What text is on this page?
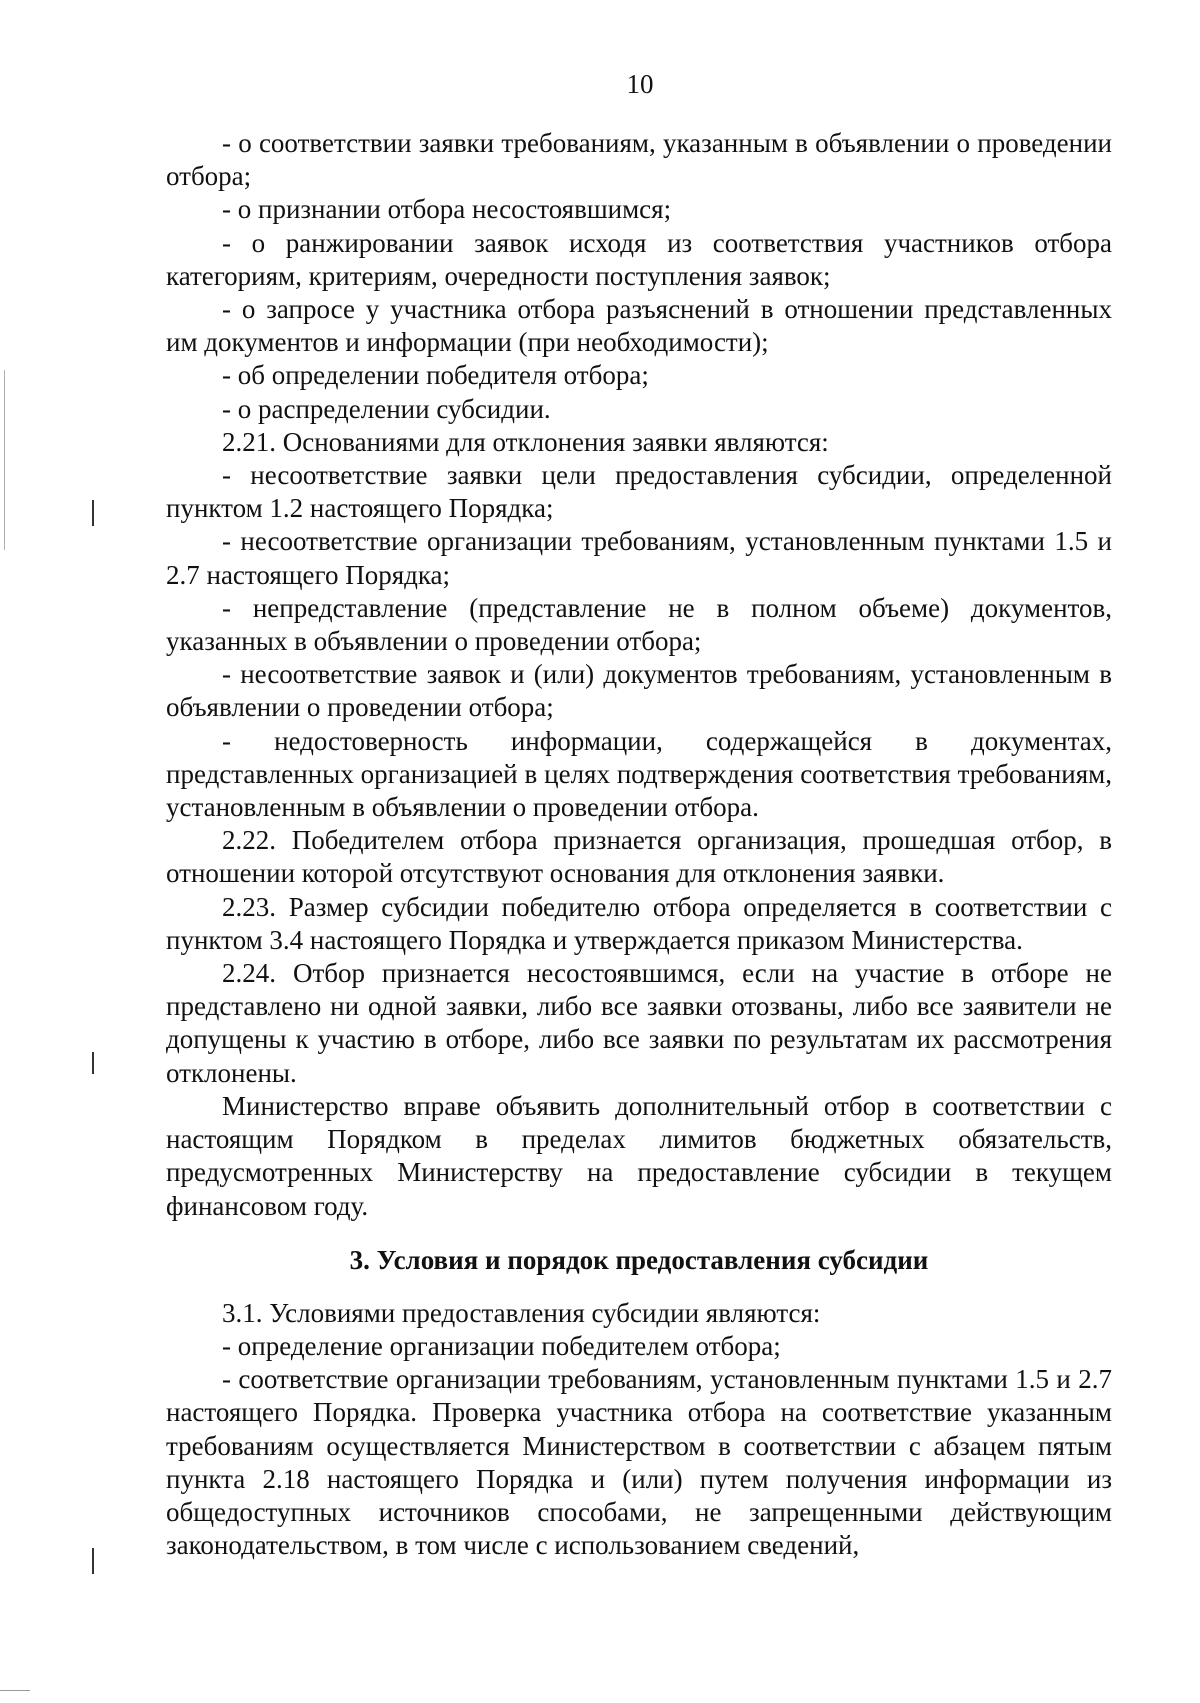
10

- о соответствии заявки требованиям, указанным в объявлении о проведении отбора;

- о признании отбора несостоявшимся;

- о ранжировании заявок исходя из соответствия участников отбора категориям, критериям, очередности поступления заявок;

- о запросе у участника отбора разъяснений в отношении представленных им документов и информации (при необходимости);

- об определении победителя отбора;

- о распределении субсидии.

2.21. Основаниями для отклонения заявки являются:

- несоответствие заявки цели предоставления субсидии, определенной пунктом 1.2 настоящего Порядка;

- несоответствие организации требованиям, установленным пунктами 1.5 и 2.7 настоящего Порядка;

- непредставление (представление не в полном объеме) документов, указанных в объявлении о проведении отбора;

- несоответствие заявок и (или) документов требованиям, установленным в объявлении о проведении отбора;

- недостоверность информации, содержащейся в документах, представленных организацией в целях подтверждения соответствия требованиям, установленным в объявлении о проведении отбора.

2.22. Победителем отбора признается организация, прошедшая отбор, в отношении которой отсутствуют основания для отклонения заявки.

2.23. Размер субсидии победителю отбора определяется в соответствии с пунктом 3.4 настоящего Порядка и утверждается приказом Министерства.

2.24. Отбор признается несостоявшимся, если на участие в отборе не представлено ни одной заявки, либо все заявки отозваны, либо все заявители не допущены к участию в отборе, либо все заявки по результатам их рассмотрения отклонены.

Министерство вправе объявить дополнительный отбор в соответствии с настоящим Порядком в пределах лимитов бюджетных обязательств, предусмотренных Министерству на предоставление субсидии в текущем финансовом году.

3. Условия и порядок предоставления субсидии

3.1. Условиями предоставления субсидии являются:

- определение организации победителем отбора;

- соответствие организации требованиям, установленным пунктами 1.5 и 2.7 настоящего Порядка. Проверка участника отбора на соответствие указанным требованиям осуществляется Министерством в соответствии с абзацем пятым пункта 2.18 настоящего Порядка и (или) путем получения информации из общедоступных источников способами, не запрещенными действующим законодательством, в том числе с использованием сведений,
